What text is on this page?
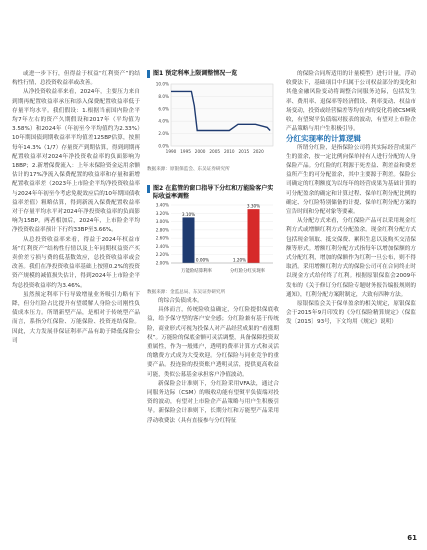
或进一步下行，但得益于权益“红利资产”的结构性行情，总投资收益率或改善。

从净投资收益率来看，2024年，主要压力来自到期再配置收益率承压和添入保费配置收益率低于存量平均水平。我们假设：1.根据当前国内险企平均7年左右的资产久期假设和2017年（平均值为3.58%）和2024年（年初至今平均值约为2.33%）10年期国债到期收益率平均值差125BP估算，按照每年14.3%（1/7）存量资产到期估算，得到到期再配置收益率对2024年净投资收益率的负面影响为18BP；2.新增保费流入：上年末保险资金运用余额估计的17%净流入保费配置的收益率和存量和新增配置收益率差（2023年上市险企平均净投资收益率与2024年年初至今考虑免税效应后的10年期国债收益率差值）粗略估算，得到新流入保费配置收益率对于存量平均水平对2024年净投资收益率的负面影响为15BP。两者相加后，2024年，上市险企平均净投资收益率预计下行约33BP至3.66%。

从总投资收益率来看，得益于2024年权益市场“红利资产”结构性行情以及上年同期权益资产买卖价差亏损与费的低基数效应，总投资收益率或会改善。我们在净投资收益率基础上按照0.2%的投资资产规模的减值损失估计，得到2024年上市险企平均总投资收益率约为3.46%。

虽然预定利率下行导致增量业务吸引力略有下降，但分红险占比提升有望缓解人身险公司刚性负债成本压力。所谓新型产品，是相对于传统型产品而言，系指分红保险、万能保险、投资连结保险。因此，大力发展非保证利率产品有助于降低保险公司

图1 预定利率上限调整情况一览
10.0%
8.0%
6.0%
4.0%
2.0%
0.0%
1990 1995 2000 2005 2010 2015 2020
数据来源：原银保监会、东吴证券研究所
图2 在监管的窗口指导下分红和万能险客户实际收益率调整
3.40%
3.20%
3.00%
2.80%
2.60%
2.40%
2.20%
2.00%
3.10%
0.00%
万能险结算利率
1.20%
3.30%
分红险分红实现率
数据来源：金监总局、东吴证券研究所

的综合负债成本。

具体而言，传统险收益确定，分红险提供保底收益，给予保守型的客户安全感；分红险兼有基于传统险，商业形式可视为投保人对产品经营成果的“看涨期权”。万能险的保底金额可灵活调整，具备保障投资双重属性，作为一般账户，透明的费率计算方式和灵活的缴费方式成为大受欢迎。分红保险与同业竞争的重要产品。投连险的投资账户透明灵活，提供更高收益可能，类似公募基金承担客户净值波动。

新保险会计准则下，分红险采用VFA法，通过合同服务边际（CSM）的吸收功能有望熨平负债端对投资的波动，有望对上市险企产品策略与用户生积极引导。新保险会计准则下，长期分红和万能型产品采用浮动收费法（具有直接参与分红特征

的保险合同所适用的计量模型）进行计量，浮动收费法下，基础项目中归属于公司权益部分的变化和其他金融风险变动将调整合同服务边际，包括发生率、费用率、退保率等经济假设、利率变动、权益市场变动，投资或经营偏差等均在内的变化将被CSM吸收，有望熨平负债端对报表的波动，有望对上市险企产品策略与用户生积极引导。

分红实现率的计算逻辑

所谓分红险，是指保险公司将其实际经营成果产生的盈余，按一定比例向保单持有人进行分配的人身保险产品。分红险的红利源于死差益、利差益和费差益所产生的可分配盈余，其中主要源于利差。保险公司确定的红利额度为以每年的经营成果为基础计算的可分配盈余的确定和计算过程、保单红利分配比例的确定、分红险特别储备的计提、保单红利分配方案的宣告时间和分配对象等要素。

从分配方式来看，分红保险产品可以采用现金红利方式或增额红利方式分配盈余。现金红利分配方式包括现金领取、抵交保费、累积生息以及购买交清保额等形式。增额红利分配方式指每年以增加保额的方式分配红利，增加的保额作为红利一旦公布，则不得取消。采用增额红利方式的保险公司可在合同终止时以现金方式给付终了红利。根据原银保监会2009年发布的《关于修订分红保险专题财务报告编报规则的通知》，红利分配方案附制定，大致有四种方法。

原银保监会关于保单盈余的相关规定，原银保监会于2015年9月印发的《分红保险精算规定》（保监发〔2015〕93号，下文均用《规定》说明）

61
